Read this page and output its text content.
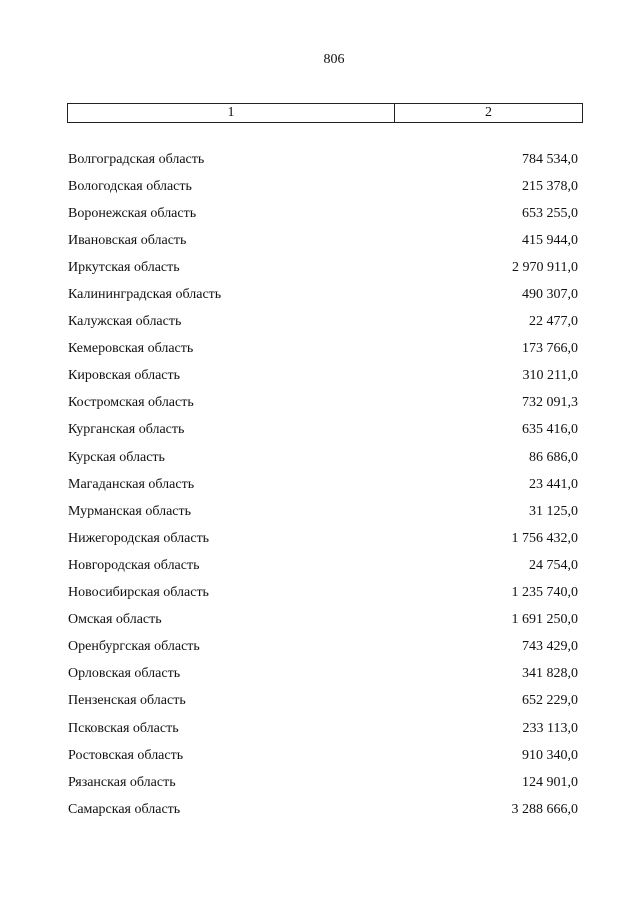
806
1	2
Волгоградская область	784 534,0
Вологодская область	215 378,0
Воронежская область	653 255,0
Ивановская область	415 944,0
Иркутская область	2 970 911,0
Калининградская область	490 307,0
Калужская область	22 477,0
Кемеровская область	173 766,0
Кировская область	310 211,0
Костромская область	732 091,3
Курганская область	635 416,0
Курская область	86 686,0
Магаданская область	23 441,0
Мурманская область	31 125,0
Нижегородская область	1 756 432,0
Новгородская область	24 754,0
Новосибирская область	1 235 740,0
Омская область	1 691 250,0
Оренбургская область	743 429,0
Орловская область	341 828,0
Пензенская область	652 229,0
Псковская область	233 113,0
Ростовская область	910 340,0
Рязанская область	124 901,0
Самарская область	3 288 666,0
